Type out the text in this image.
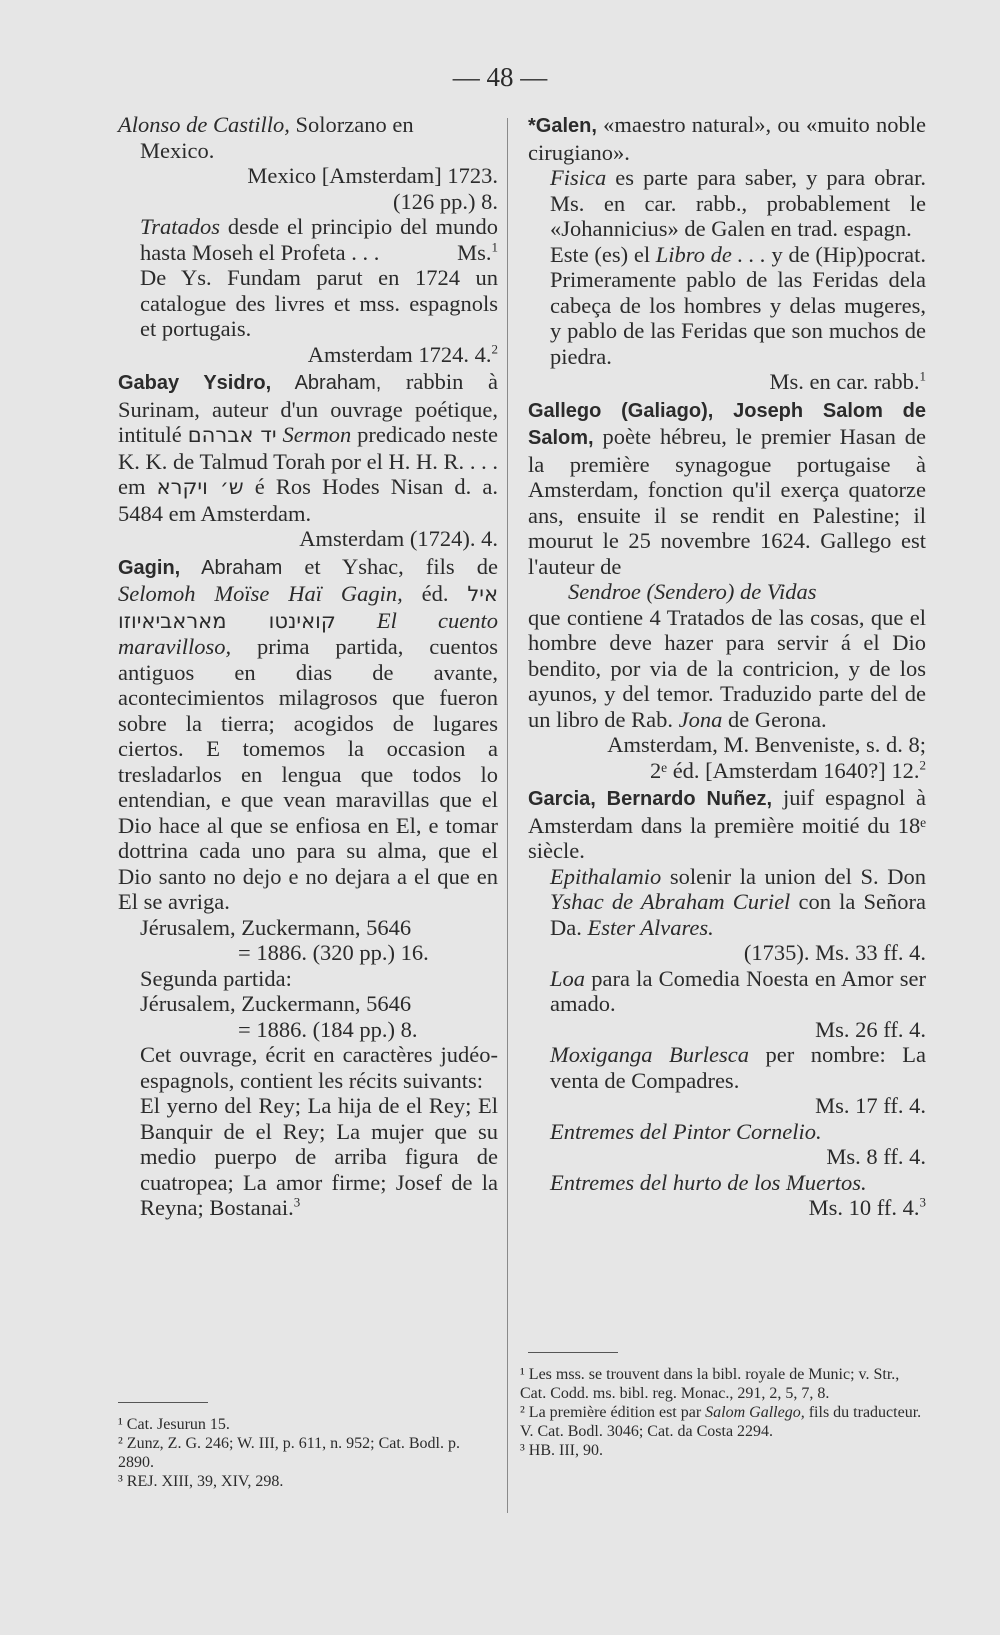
— 48 —
Alonso de Castillo, Solorzano en
Mexico.
Mexico [Amsterdam] 1723.
(126 pp.) 8.
Tratados desde el principio del mundo hasta Moseh el Profeta . . .	Ms.$^1$
De Ys. Fundam parut en 1724 un catalogue des livres et mss. espagnols et portugais.
Amsterdam 1724. 4.$^2$
Gabay Ysidro, Abraham, rabbin à Surinam, auteur d'un ouvrage poétique, intitulé יד אברהם Sermon predicado neste K. K. de Talmud Torah por el H. H. R. . . . em ש׳ ויקרא é Ros Hodes Nisan d. a. 5484 em Amsterdam.
Amsterdam (1724). 4.
Gagin, Abraham et Yshac, fils de Selomoh Moïse Haï Gagin, éd. איל קואינטו מאראביאיוזו El cuento maravilloso, prima partida, cuentos antiguos en dias de avante, acontecimientos milagrosos que fueron sobre la tierra; acogidos de lugares ciertos. E tomemos la occasion a tresladarlos en lengua que todos lo entendian, e que vean maravillas que el Dio hace al que se enfiosa en El, e tomar dottrina cada uno para su alma, que el Dio santo no dejo e no dejara a el que en El se avriga.
Jérusalem, Zuckermann, 5646
= 1886. (320 pp.) 16.
Segunda partida:
Jérusalem, Zuckermann, 5646
= 1886. (184 pp.) 8.
Cet ouvrage, écrit en caractères judéo-espagnols, contient les récits suivants:
El yerno del Rey; La hija de el Rey; El Banquir de el Rey; La mujer que su medio puerpo de arriba figura de cuatropea; La amor firme; Josef de la Reyna; Bostanai.$^3$
¹ Cat. Jesurun 15.
² Zunz, Z. G. 246; W. III, p. 611, n. 952; Cat. Bodl. p. 2890.
³ REJ. XIII, 39, XIV, 298.
*Galen, «maestro natural», ou «muito noble cirugiano».
Fisica es parte para saber, y para obrar. Ms. en car. rabb., probablement le «Johannicius» de Galen en trad. espagn.
Este (es) el Libro de . . . y de (Hip)pocrat. Primeramente pablo de las Feridas dela cabeça de los hombres y delas mugeres, y pablo de las Feridas que son muchos de piedra.
Ms. en car. rabb.$^1$
Gallego (Galiago), Joseph Salom de Salom, poète hébreu, le premier Hasan de la première synagogue portugaise à Amsterdam, fonction qu'il exerça quatorze ans, ensuite il se rendit en Palestine; il mourut le 25 novembre 1624. Gallego est l'auteur de
Sendroe (Sendero) de Vidas
que contiene 4 Tratados de las cosas, que el hombre deve hazer para servir á el Dio bendito, por via de la contricion, y de los ayunos, y del temor. Traduzido parte del de un libro de Rab. Jona de Gerona.
Amsterdam, M. Benveniste, s. d. 8;
2ᵉ éd. [Amsterdam 1640?] 12.$^2$
Garcia, Bernardo Nuñez, juif espagnol à Amsterdam dans la première moitié du 18ᵉ siècle.
Epithalamio solenir la union del S. Don Yshac de Abraham Curiel con la Señora Da. Ester Alvares.
(1735). Ms. 33 ff. 4.
Loa para la Comedia Noesta en Amor ser amado.
Ms. 26 ff. 4.
Moxiganga Burlesca per nombre: La venta de Compadres.
Ms. 17 ff. 4.
Entremes del Pintor Cornelio.
Ms. 8 ff. 4.
Entremes del hurto de los Muertos.
Ms. 10 ff. 4.$^3$
¹ Les mss. se trouvent dans la bibl. royale de Munic; v. Str., Cat. Codd. ms. bibl. reg. Monac., 291, 2, 5, 7, 8.
² La première édition est par Salom Gallego, fils du traducteur. V. Cat. Bodl. 3046; Cat. da Costa 2294.
³ HB. III, 90.
